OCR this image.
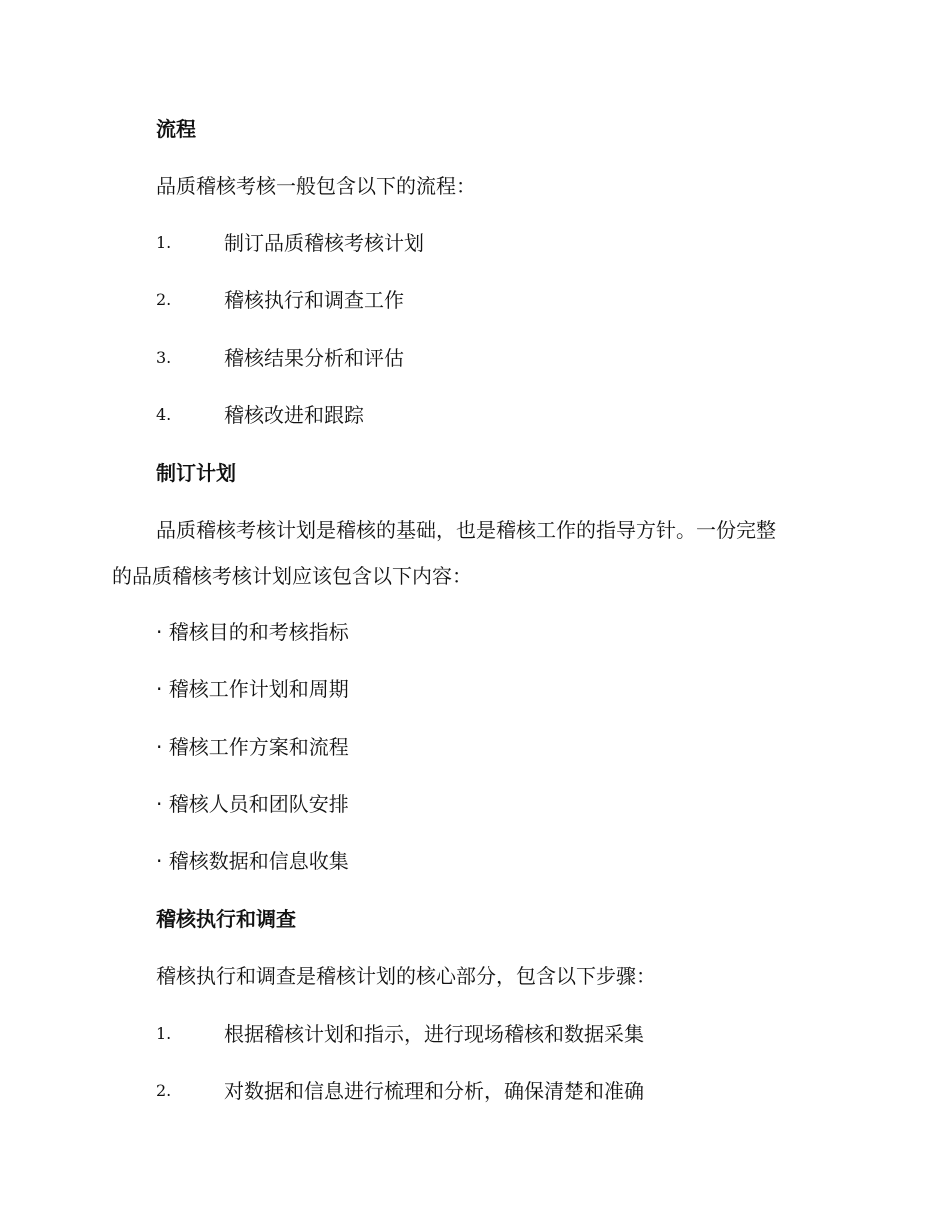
流程
品质稽核考核一般包含以下的流程：
1.	制订品质稽核考核计划
2.	稽核执行和调查工作
3.	稽核结果分析和评估
4.	稽核改进和跟踪
制订计划
品质稽核考核计划是稽核的基础，也是稽核工作的指导方针。一份完整
的品质稽核考核计划应该包含以下内容：
· 稽核目的和考核指标
· 稽核工作计划和周期
· 稽核工作方案和流程
· 稽核人员和团队安排
· 稽核数据和信息收集
稽核执行和调查
稽核执行和调查是稽核计划的核心部分，包含以下步骤：
1.	根据稽核计划和指示，进行现场稽核和数据采集
2.	对数据和信息进行梳理和分析，确保清楚和准确
